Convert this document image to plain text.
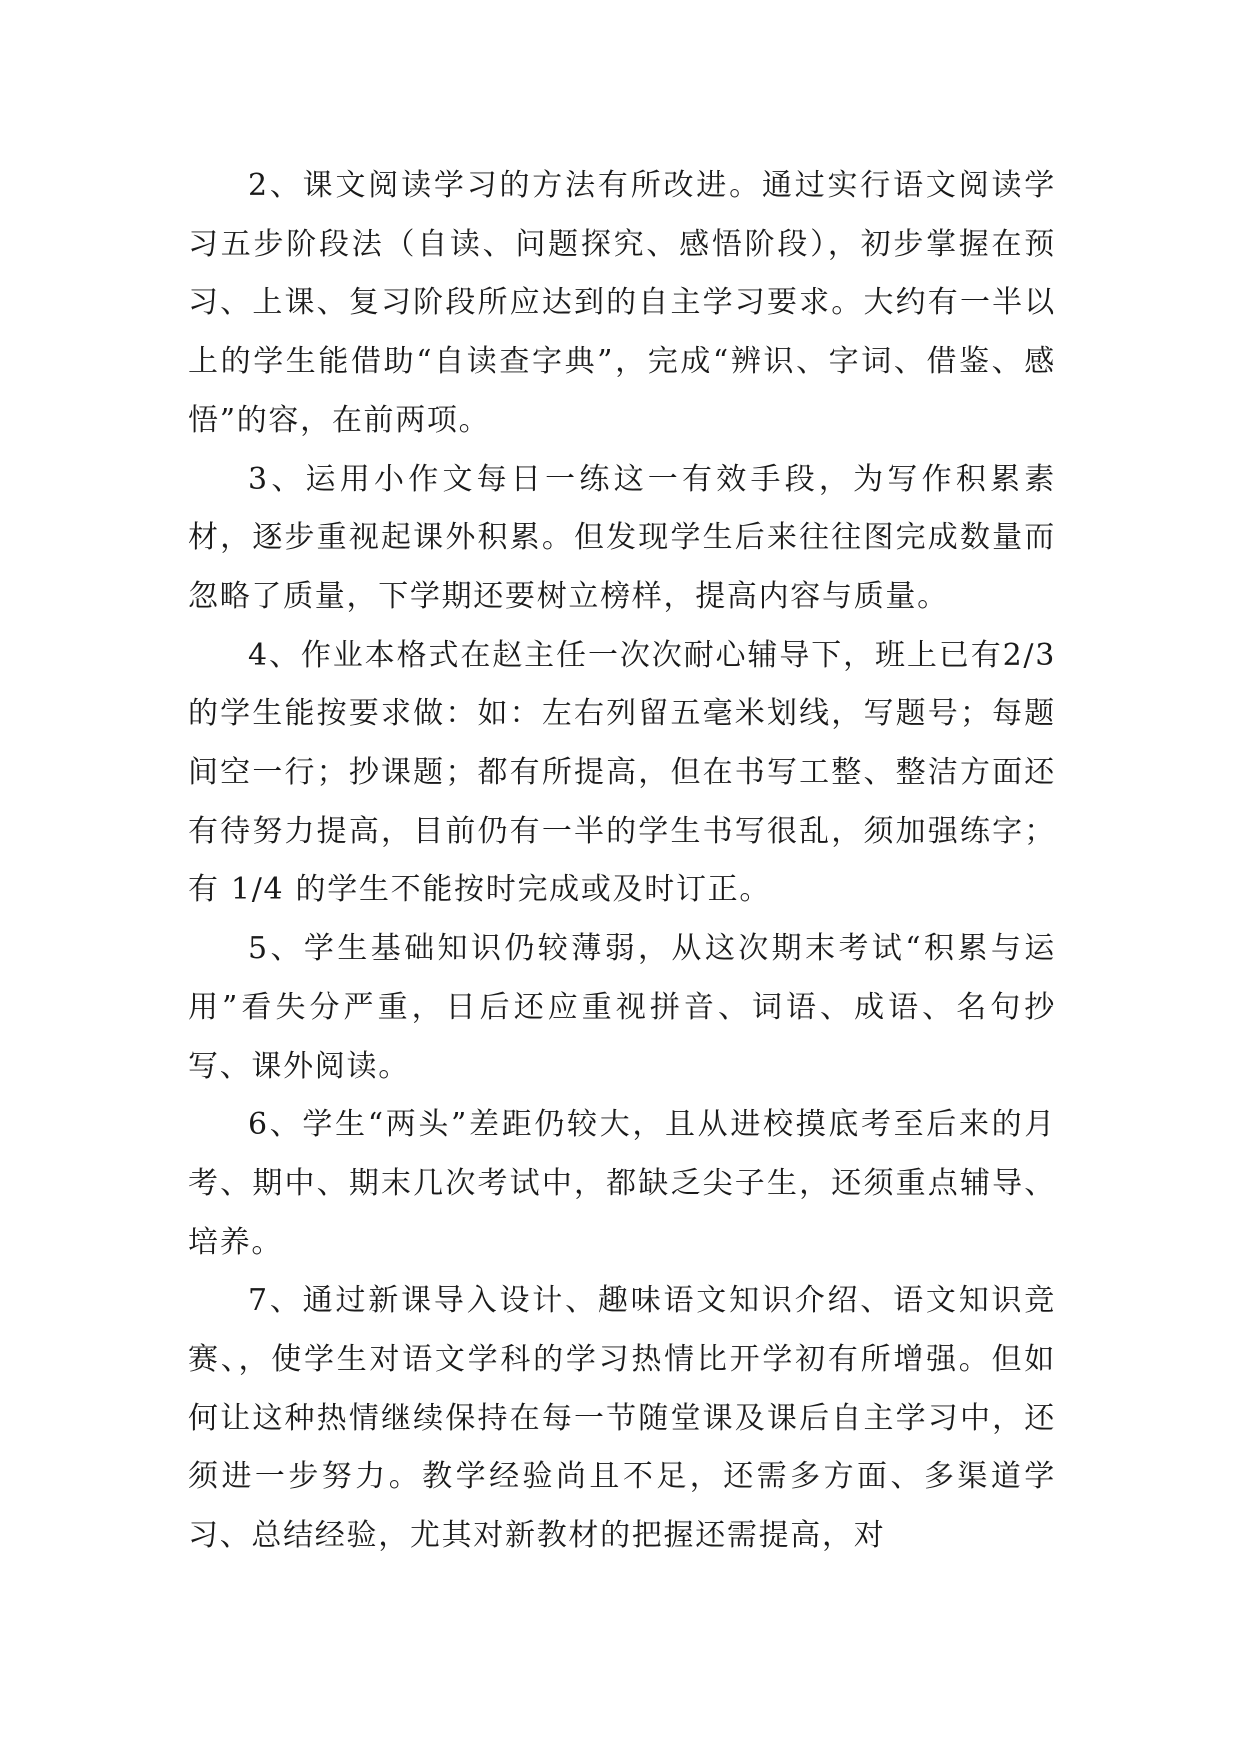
2、课文阅读学习的方法有所改进。通过实行语文阅读学习五步阶段法（自读、问题探究、感悟阶段），初步掌握在预习、上课、复习阶段所应达到的自主学习要求。大约有一半以上的学生能借助“自读查字典”，完成“辨识、字词、借鉴、感悟”的容，在前两项。

3、运用小作文每日一练这一有效手段，为写作积累素材，逐步重视起课外积累。但发现学生后来往往图完成数量而忽略了质量，下学期还要树立榜样，提高内容与质量。

4、作业本格式在赵主任一次次耐心辅导下，班上已有2/3 的学生能按要求做：如：左右列留五毫米划线，写题号；每题间空一行；抄课题；都有所提高，但在书写工整、整洁方面还有待努力提高，目前仍有一半的学生书写很乱，须加强练字；有 1/4 的学生不能按时完成或及时订正。

5、学生基础知识仍较薄弱，从这次期末考试“积累与运用”看失分严重，日后还应重视拼音、词语、成语、名句抄写、课外阅读。

6、学生“两头”差距仍较大，且从进校摸底考至后来的月考、期中、期末几次考试中，都缺乏尖子生，还须重点辅导、培养。

7、通过新课导入设计、趣味语文知识介绍、语文知识竞赛、，使学生对语文学科的学习热情比开学初有所增强。但如何让这种热情继续保持在每一节随堂课及课后自主学习中，还须进一步努力。教学经验尚且不足，还需多方面、多渠道学习、总结经验，尤其对新教材的把握还需提高，对
